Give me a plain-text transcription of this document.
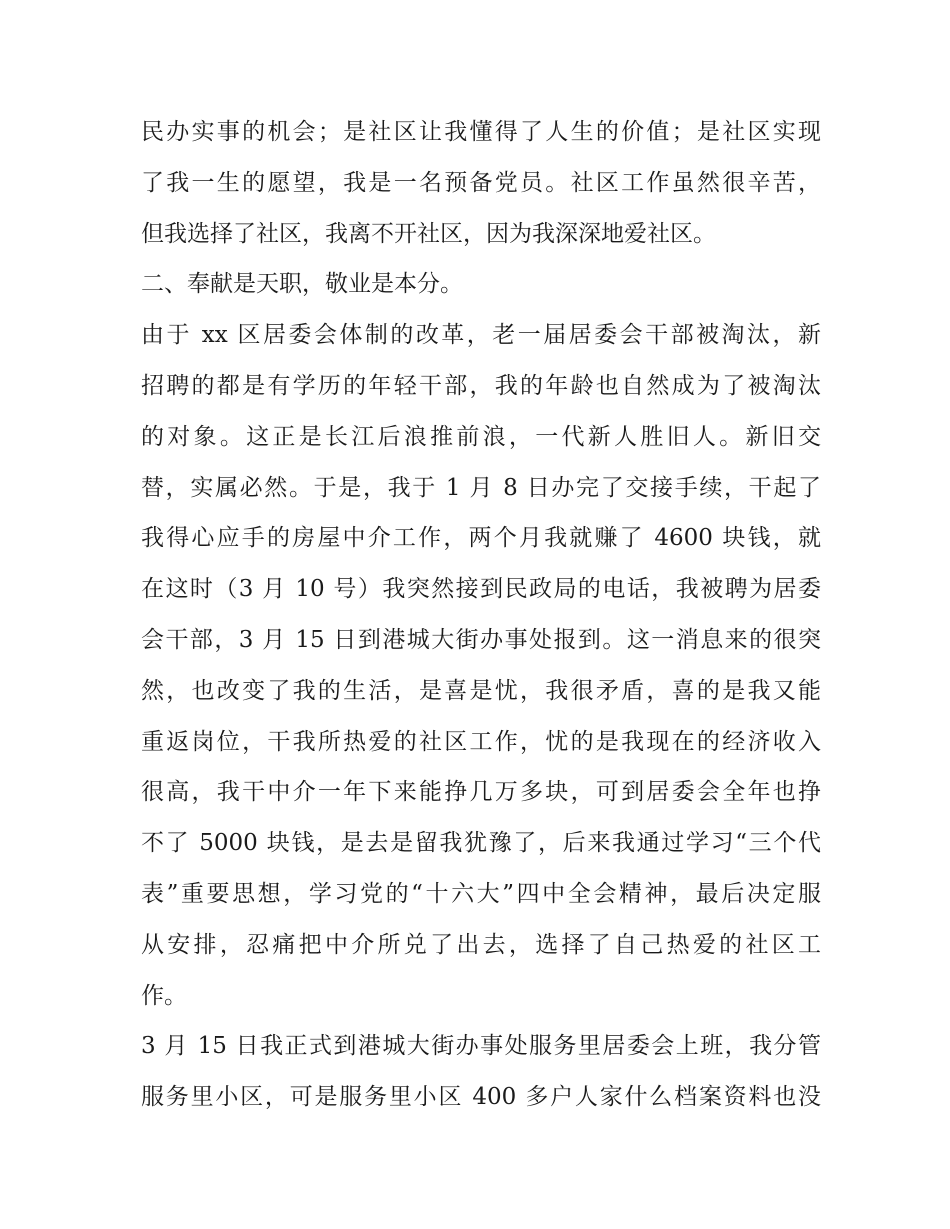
民办实事的机会；是社区让我懂得了人生的价值；是社区实现
了我一生的愿望，我是一名预备党员。社区工作虽然很辛苦，
但我选择了社区，我离不开社区，因为我深深地爱社区。
二、奉献是天职，敬业是本分。
由于 xx 区居委会体制的改革，老一届居委会干部被淘汰，新
招聘的都是有学历的年轻干部，我的年龄也自然成为了被淘汰
的对象。这正是长江后浪推前浪，一代新人胜旧人。新旧交
替，实属必然。于是，我于 1 月 8 日办完了交接手续，干起了
我得心应手的房屋中介工作，两个月我就赚了 4600 块钱，就
在这时（3 月 10 号）我突然接到民政局的电话，我被聘为居委
会干部，3 月 15 日到港城大街办事处报到。这一消息来的很突
然，也改变了我的生活，是喜是忧，我很矛盾，喜的是我又能
重返岗位，干我所热爱的社区工作，忧的是我现在的经济收入
很高，我干中介一年下来能挣几万多块，可到居委会全年也挣
不了 5000 块钱，是去是留我犹豫了，后来我通过学习“三个代
表”重要思想，学习党的“十六大”四中全会精神，最后决定服
从安排，忍痛把中介所兑了出去，选择了自己热爱的社区工
作。
3 月 15 日我正式到港城大街办事处服务里居委会上班，我分管
服务里小区，可是服务里小区 400 多户人家什么档案资料也没
